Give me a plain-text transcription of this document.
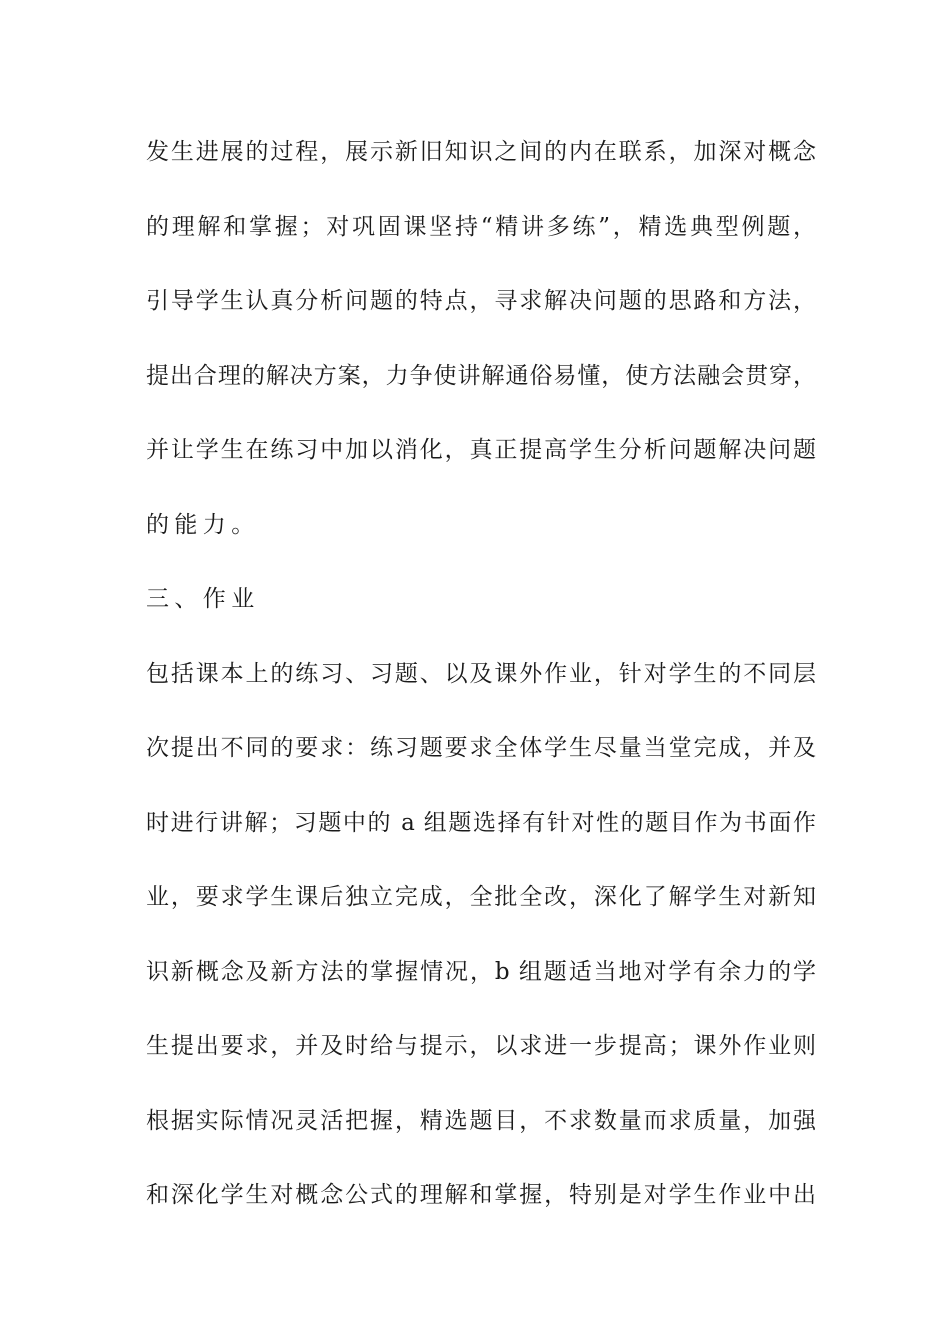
发生进展的过程，展示新旧知识之间的内在联系，加深对概念
的理解和掌握；对巩固课坚持“精讲多练”，精选典型例题，
引导学生认真分析问题的特点，寻求解决问题的思路和方法，
提出合理的解决方案，力争使讲解通俗易懂，使方法融会贯穿，
并让学生在练习中加以消化，真正提高学生分析问题解决问题
的能力。
三、作业
包括课本上的练习、习题、以及课外作业，针对学生的不同层
次提出不同的要求：练习题要求全体学生尽量当堂完成，并及
时进行讲解；习题中的 a 组题选择有针对性的题目作为书面作
业，要求学生课后独立完成，全批全改，深化了解学生对新知
识新概念及新方法的掌握情况，b 组题适当地对学有余力的学
生提出要求，并及时给与提示，以求进一步提高；课外作业则
根据实际情况灵活把握，精选题目，不求数量而求质量，加强
和深化学生对概念公式的理解和掌握，特别是对学生作业中出
